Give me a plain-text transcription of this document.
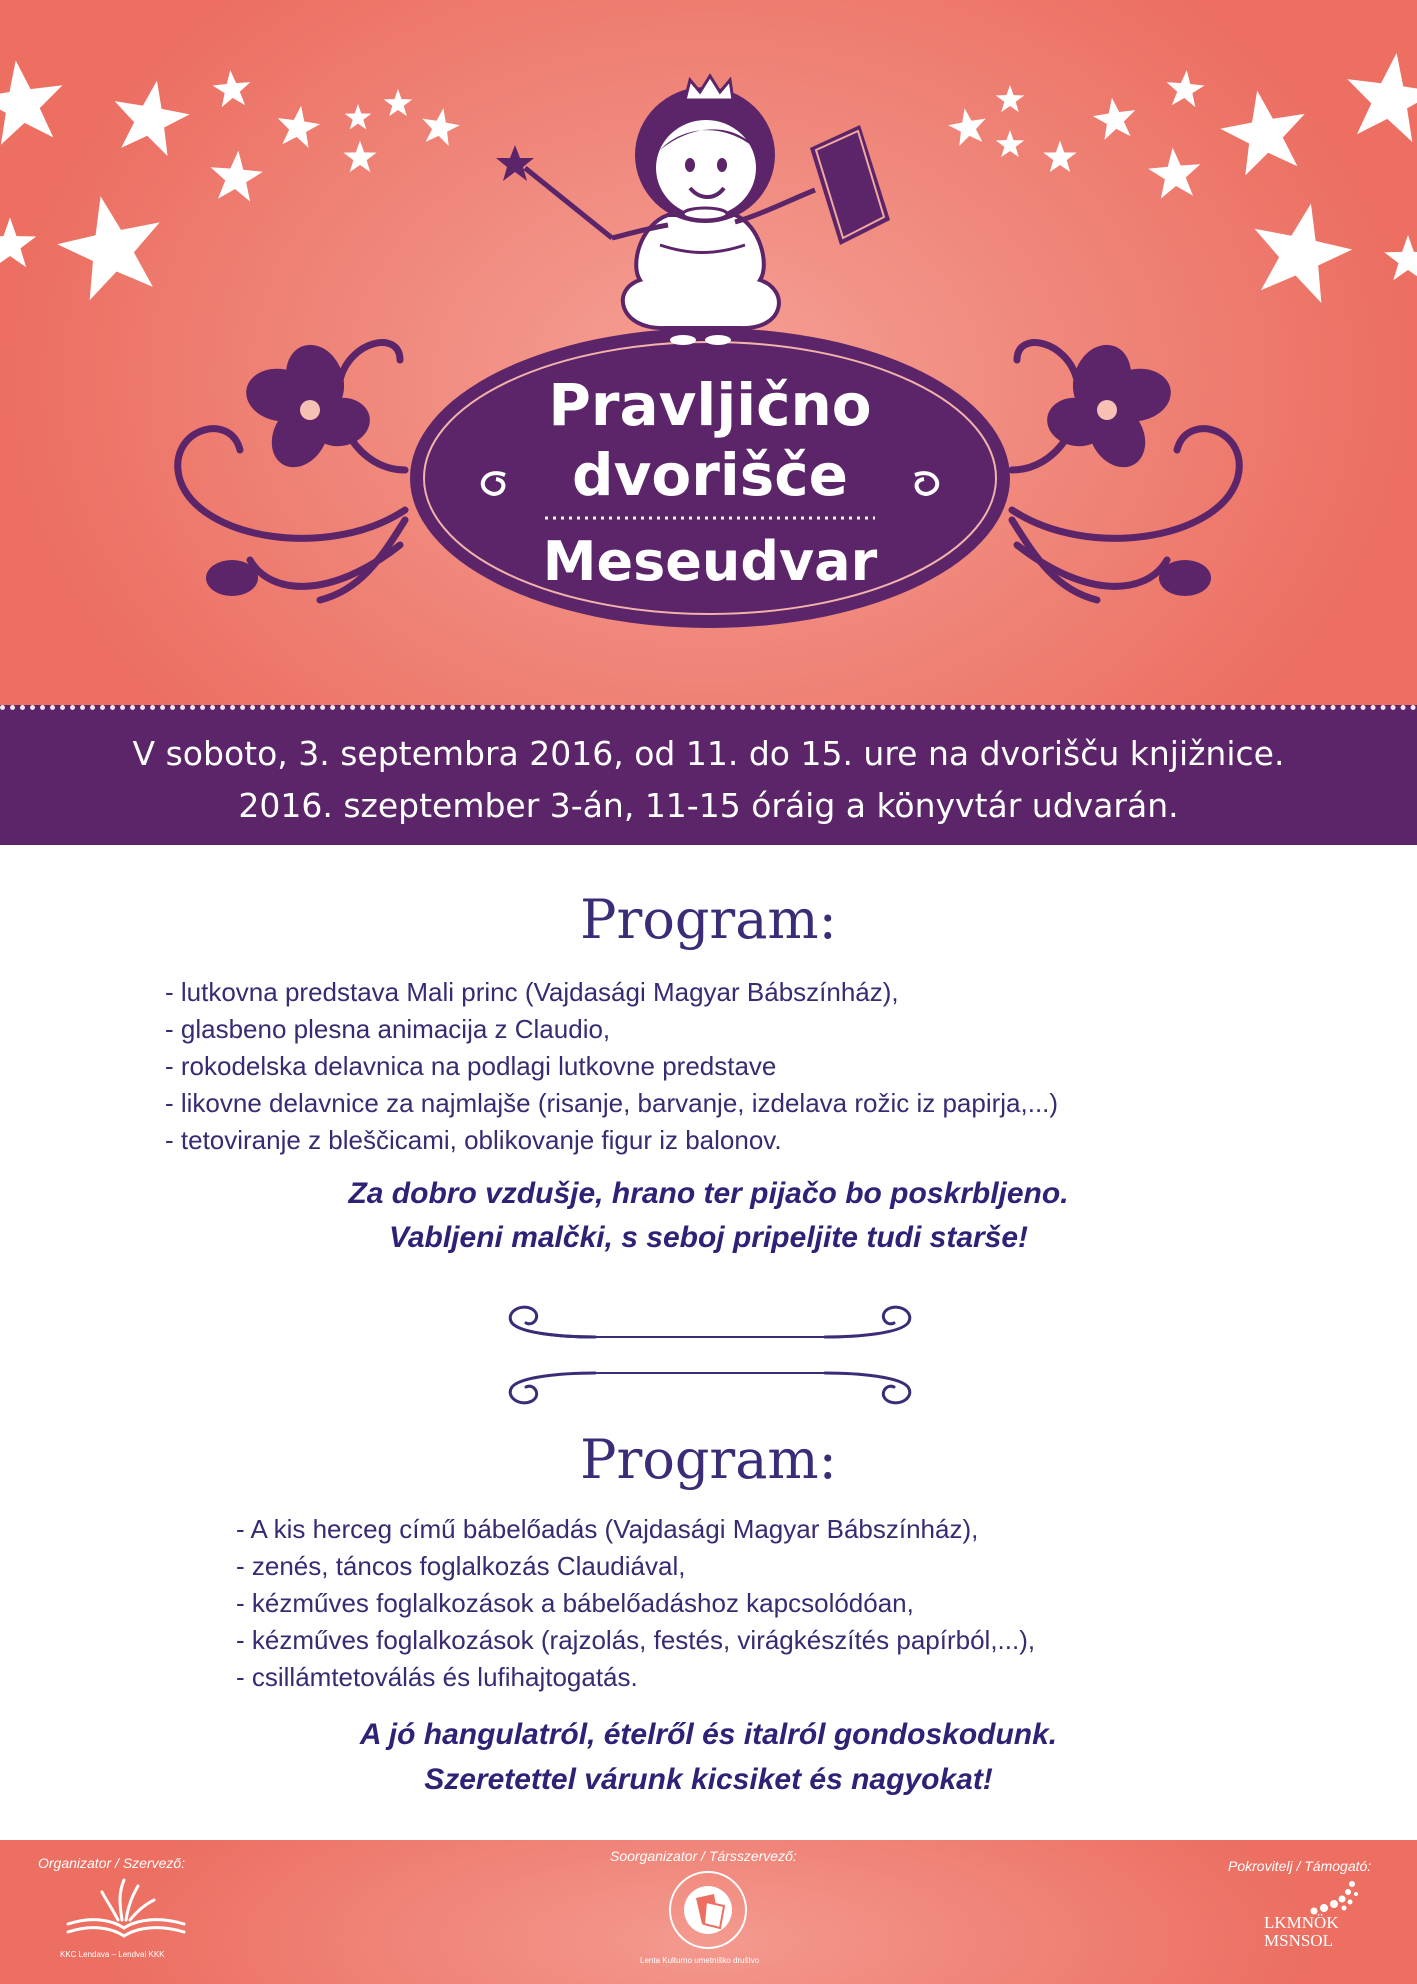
Pravljično
dvorišče
Meseudvar
V soboto, 3. septembra 2016, od 11. do 15. ure na dvorišču knjižnice.
2016. szeptember 3-án, 11-15 óráig a könyvtár udvarán.
Program:
- lutkovna predstava Mali princ (Vajdasági Magyar Bábszínház),
- glasbeno plesna animacija z Claudio,
- rokodelska delavnica na podlagi lutkovne predstave
- likovne delavnice za najmlajše (risanje, barvanje, izdelava rožic iz papirja,...)
- tetoviranje z bleščicami, oblikovanje figur iz balonov.
Za dobro vzdušje, hrano ter pijačo bo poskrbljeno.
Vabljeni malčki, s seboj pripeljite tudi starše!
Program:
- A kis herceg című bábelőadás (Vajdasági Magyar Bábszínház),
- zenés, táncos foglalkozás Claudiával,
- kézműves foglalkozások a bábelőadáshoz kapcsolódóan,
- kézműves foglalkozások (rajzolás, festés, virágkészítés papírból,...),
- csillámtetoválás és lufihajtogatás.
A jó hangulatról, ételről és italról gondoskodunk.
Szeretettel várunk kicsiket és nagyokat!
Organizator / Szervező:
KKC Lendava – Lendvai KKK
Soorganizator / Társszervező:
Lenta Kulturno umetniško društvo
Pokrovitelj / Támogató:
LKMNÖK
MSNSOL
